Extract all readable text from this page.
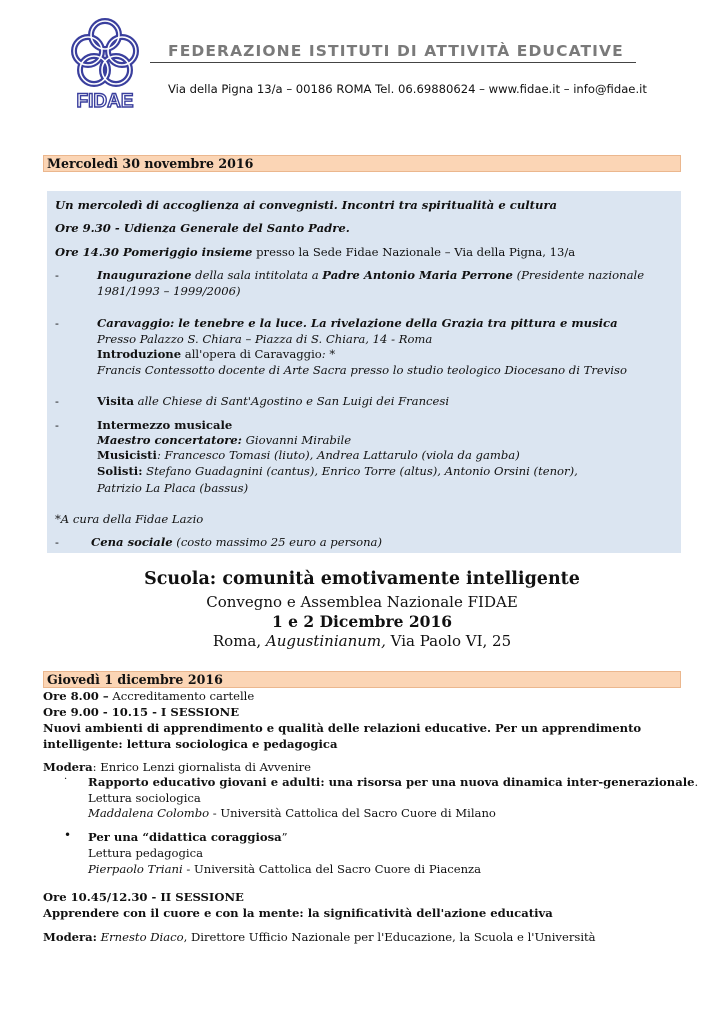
FIDAE
FEDERAZIONE ISTITUTI DI ATTIVITÀ EDUCATIVE
Via della Pigna 13/a – 00186 ROMA Tel. 06.69880624 – www.fidae.it – info@fidae.it
Mercoledì 30 novembre 2016
Un mercoledì di accoglienza ai convegnisti. Incontri tra spiritualità e cultura
Ore 9.30 - Udienza Generale del Santo Padre.
Ore 14.30 Pomeriggio insieme presso la Sede Fidae Nazionale – Via della Pigna, 13/a
-	Inaugurazione della sala intitolata a Padre Antonio Maria Perrone (Presidente nazionale
1981/1993 – 1999/2006)
-	Caravaggio: le tenebre e la luce. La rivelazione della Grazia tra pittura e musica
Presso Palazzo S. Chiara – Piazza di S. Chiara, 14 - Roma
Introduzione all'opera di Caravaggio: *
Francis Contessotto docente di Arte Sacra presso lo studio teologico Diocesano di Treviso
-	Visita alle Chiese di Sant'Agostino e San Luigi dei Francesi
-	Intermezzo musicale
Maestro concertatore: Giovanni Mirabile
Musicisti: Francesco Tomasi (liuto), Andrea Lattarulo (viola da gamba)
Solisti: Stefano Guadagnini (cantus), Enrico Torre (altus), Antonio Orsini (tenor),
Patrizio La Placa (bassus)
*A cura della Fidae Lazio
-	Cena sociale (costo massimo 25 euro a persona)
Scuola: comunità emotivamente intelligente
Convegno e Assemblea Nazionale FIDAE
1 e 2 Dicembre 2016
Roma, Augustinianum, Via Paolo VI, 25
Giovedì 1 dicembre 2016
Ore 8.00 – Accreditamento cartelle
Ore 9.00 - 10.15 - I SESSIONE
Nuovi ambienti di apprendimento e qualità delle relazioni educative. Per un apprendimento
intelligente: lettura sociologica e pedagogica
Modera: Enrico Lenzi giornalista di Avvenire
· Rapporto educativo giovani e adulti: una risorsa per una nuova dinamica inter-generazionale.
Lettura sociologica
Maddalena Colombo - Università Cattolica del Sacro Cuore di Milano
• Per una “didattica coraggiosa”
Lettura pedagogica
Pierpaolo Triani - Università Cattolica del Sacro Cuore di Piacenza
Ore 10.45/12.30 - II SESSIONE
Apprendere con il cuore e con la mente: la significatività dell'azione educativa
Modera: Ernesto Diaco, Direttore Ufficio Nazionale per l'Educazione, la Scuola e l'Università
